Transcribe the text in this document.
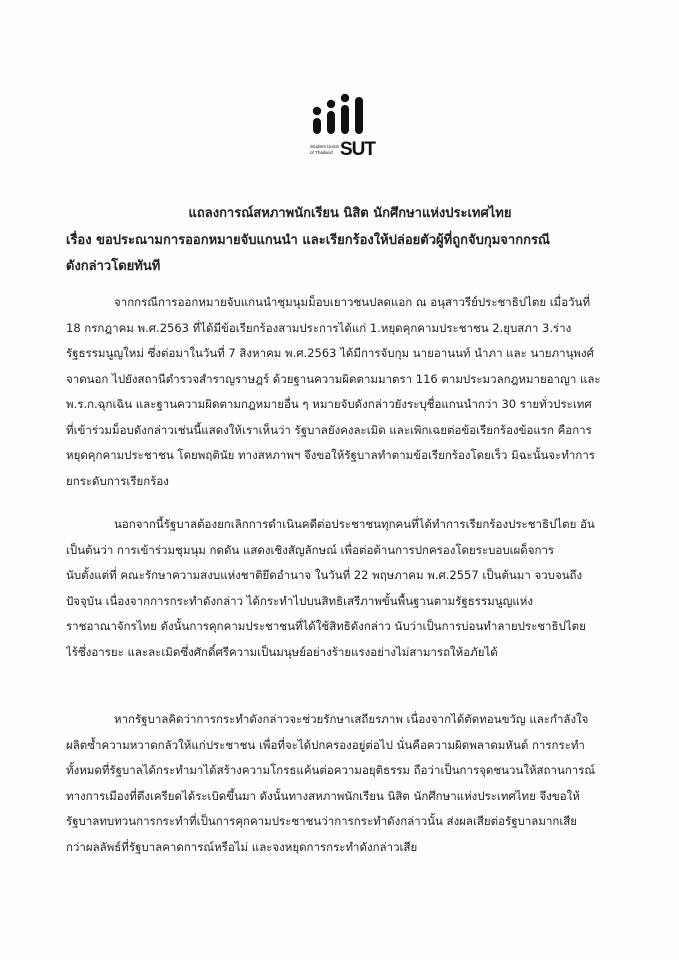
Student Union
of Thailand SUT
แถลงการณ์สหภาพนักเรียน นิสิต นักศึกษาแห่งประเทศไทย
เรื่อง ขอประณามการออกหมายจับแกนนำ และเรียกร้องให้ปล่อยตัวผู้ที่ถูกจับกุมจากกรณี
ดังกล่าวโดยทันที
จากกรณีการออกหมายจับแกนนำชุมนุมม็อบเยาวชนปลดแอก ณ อนุสาวรีย์ประชาธิปไตย เมื่อวันที่
18 กรกฎาคม พ.ศ.2563 ที่ได้มีข้อเรียกร้องสามประการได้แก่ 1.หยุดคุกคามประชาชน 2.ยุบสภา 3.ร่าง
รัฐธรรมนูญใหม่ ซึ่งต่อมาในวันที่ 7 สิงหาคม พ.ศ.2563 ได้มีการจับกุม นายอานนท์ นำภา และ นายภานุพงศ์
จาดนอก ไปยังสถานีตำรวจสำราญราษฎร์ ด้วยฐานความผิดตามมาตรา 116 ตามประมวลกฎหมายอาญา และ
พ.ร.ก.ฉุกเฉิน และฐานความผิดตามกฎหมายอื่น ๆ หมายจับดังกล่าวยังระบุชื่อแกนนำกว่า 30 รายทั่วประเทศ
ที่เข้าร่วมม็อบดังกล่าวเช่นนี้แสดงให้เราเห็นว่า รัฐบาลยังคงละเมิด และเพิกเฉยต่อข้อเรียกร้องข้อแรก คือการ
หยุดคุกคามประชาชน โดยพฤตินัย ทางสหภาพฯ จึงขอให้รัฐบาลทำตามข้อเรียกร้องโดยเร็ว มิฉะนั้นจะทำการ
ยกระดับการเรียกร้อง
นอกจากนี้รัฐบาลต้องยกเลิกการดำเนินคดีต่อประชาชนทุกคนที่ได้ทำการเรียกร้องประชาธิปไตย อัน
เป็นต้นว่า การเข้าร่วมชุมนุม กดดัน แสดงเชิงสัญลักษณ์ เพื่อต่อต้านการปกครองโดยระบอบเผด็จการ
นับตั้งแต่ที่ คณะรักษาความสงบแห่งชาติยึดอำนาจ ในวันที่ 22 พฤษภาคม พ.ศ.2557 เป็นต้นมา จวบจนถึง
ปัจจุบัน เนื่องจากการกระทำดังกล่าว ได้กระทำไปบนสิทธิเสรีภาพขั้นพื้นฐานตามรัฐธรรมนูญแห่ง
ราชอาณาจักรไทย ดังนั้นการคุกคามประชาชนที่ได้ใช้สิทธิดังกล่าว นับว่าเป็นการบ่อนทำลายประชาธิปไตย
ไร้ซึ่งอารยะ และละเมิดซึ่งศักดิ์ศรีความเป็นมนุษย์อย่างร้ายแรงอย่างไม่สามารถให้อภัยได้
หากรัฐบาลคิดว่าการกระทำดังกล่าวจะช่วยรักษาเสถียรภาพ เนื่องจากได้ตัดทอนขวัญ และกำลังใจ
ผลิตซ้ำความหวาดกลัวให้แก่ประชาชน เพื่อที่จะได้ปกครองอยู่ต่อไป นั่นคือความผิดพลาดมหันต์ การกระทำ
ทั้งหมดที่รัฐบาลได้กระทำมาได้สร้างความโกรธแค้นต่อความอยุติธรรม ถือว่าเป็นการจุดชนวนให้สถานการณ์
ทางการเมืองที่ตึงเครียดได้ระเบิดขึ้นมา ดังนั้นทางสหภาพนักเรียน นิสิต นักศึกษาแห่งประเทศไทย จึงขอให้
รัฐบาลทบทวนการกระทำที่เป็นการคุกคามประชาชนว่าการกระทำดังกล่าวนั้น ส่งผลเสียต่อรัฐบาลมากเสีย
กว่าผลลัพธ์ที่รัฐบาลคาดการณ์หรือไม่ และจงหยุดการกระทำดังกล่าวเสีย
